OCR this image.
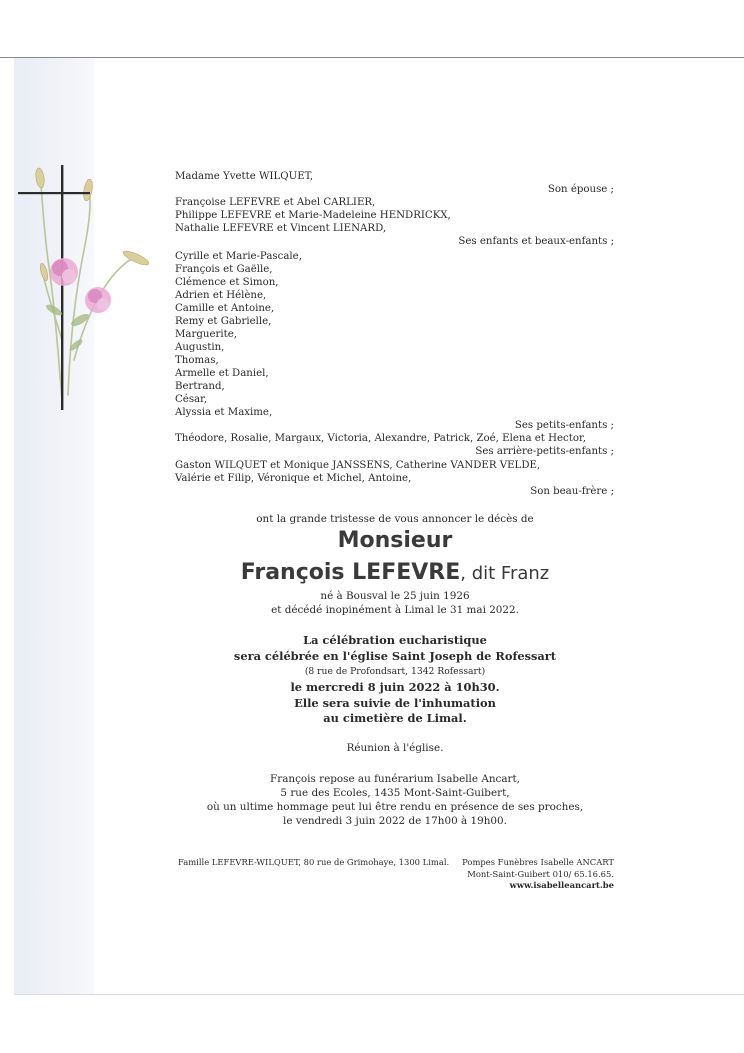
Madame Yvette WILQUET,
Son épouse ;
Françoise LEFEVRE et Abel CARLIER,
Philippe LEFEVRE et Marie-Madeleine HENDRICKX,
Nathalie LEFEVRE et Vincent LIENARD,
Ses enfants et beaux-enfants ;
Cyrille et Marie-Pascale,
François et Gaëlle,
Clémence et Simon,
Adrien et Hélène,
Camille et Antoine,
Remy et Gabrielle,
Marguerite,
Augustin,
Thomas,
Armelle et Daniel,
Bertrand,
César,
Alyssia et Maxime,
Ses petits-enfants ;
Théodore, Rosalie, Margaux, Victoria, Alexandre, Patrick, Zoé, Elena et Hector,
Ses arrière-petits-enfants ;
Gaston WILQUET et Monique JANSSENS, Catherine VANDER VELDE,
Valérie et Filip, Véronique et Michel, Antoine,
Son beau-frère ;
ont la grande tristesse de vous annoncer le décès de
Monsieur
François LEFEVRE, dit Franz
né à Bousval le 25 juin 1926
et décédé inopinément à Limal le 31 mai 2022.
La célébration eucharistique
sera célébrée en l'église Saint Joseph de Rofessart
(8 rue de Profondsart, 1342 Rofessart)
le mercredi 8 juin 2022 à 10h30.
Elle sera suivie de l'inhumation
au cimetière de Limal.
Réunion à l'église.
François repose au funérarium Isabelle Ancart,
5 rue des Ecoles, 1435 Mont-Saint-Guibert,
où un ultime hommage peut lui être rendu en présence de ses proches,
le vendredi 3 juin 2022 de 17h00 à 19h00.
Famille LEFEVRE-WILQUET, 80 rue de Grimohaye, 1300 Limal. Pompes Funèbres Isabelle ANCART
Mont-Saint-Guibert 010/ 65.16.65.
www.isabelleancart.be
